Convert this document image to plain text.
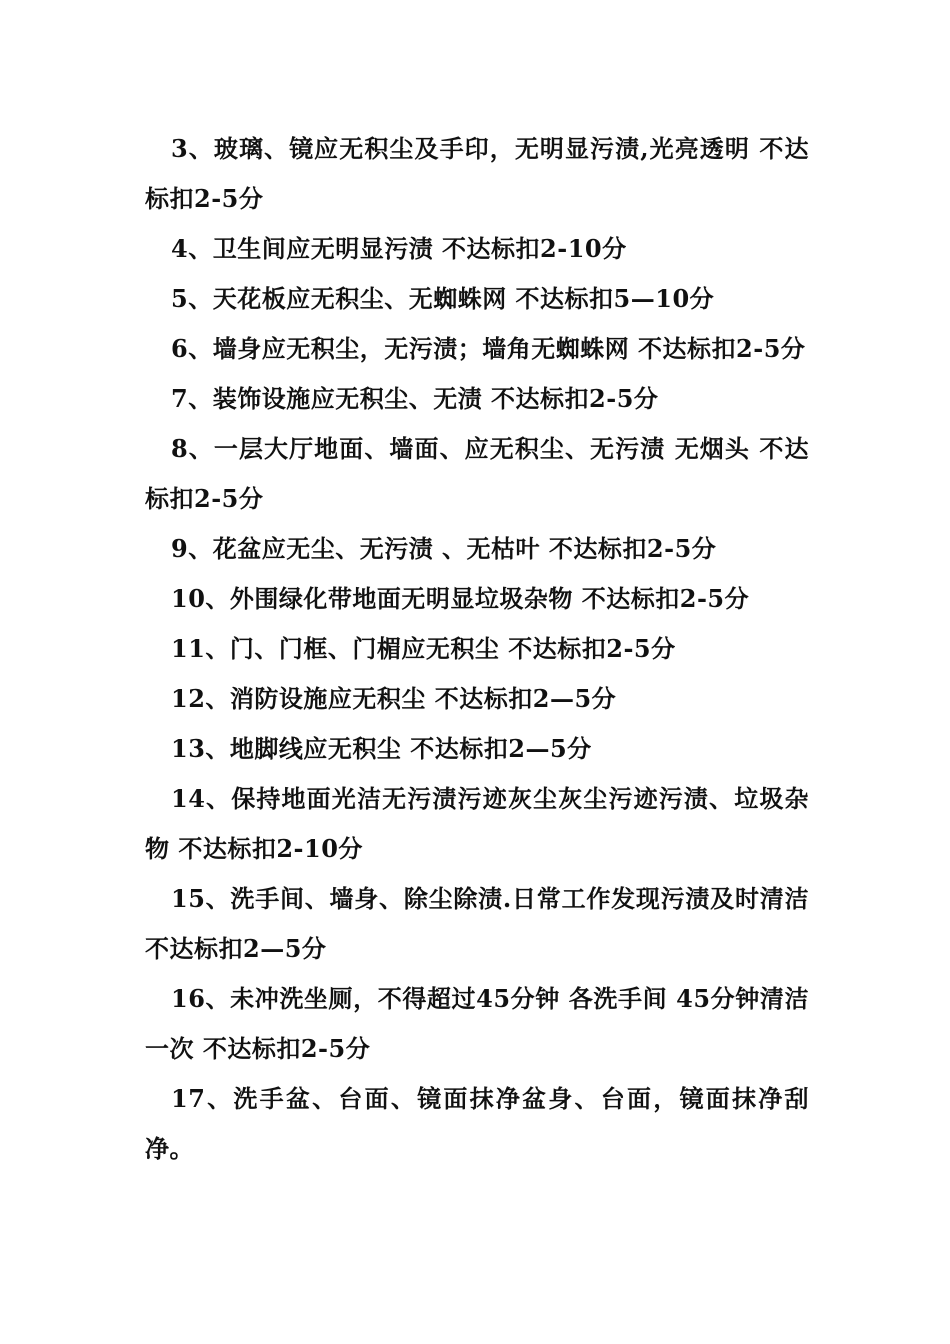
3、玻璃、镜应无积尘及手印，无明显污渍,光亮透明 不达标扣2-5分

4、卫生间应无明显污渍 不达标扣2-10分

5、天花板应无积尘、无蜘蛛网 不达标扣5—10分

6、墙身应无积尘，无污渍；墙角无蜘蛛网 不达标扣2-5分

7、装饰设施应无积尘、无渍 不达标扣2-5分

8、一层大厅地面、墙面、应无积尘、无污渍 无烟头 不达标扣2-5分

9、花盆应无尘、无污渍 、无枯叶 不达标扣2-5分

10、外围绿化带地面无明显垃圾杂物 不达标扣2-5分

11、门、门框、门楣应无积尘 不达标扣2-5分

12、消防设施应无积尘 不达标扣2—5分

13、地脚线应无积尘 不达标扣2—5分

14、保持地面光洁无污渍污迹灰尘灰尘污迹污渍、垃圾杂物 不达标扣2-10分

15、洗手间、墙身、除尘除渍.日常工作发现污渍及时清洁 不达标扣2—5分

16、未冲洗坐厕，不得超过45分钟 各洗手间 45分钟清洁一次 不达标扣2-5分

17、洗手盆、台面、镜面抹净盆身、台面，镜面抹净刮净。
